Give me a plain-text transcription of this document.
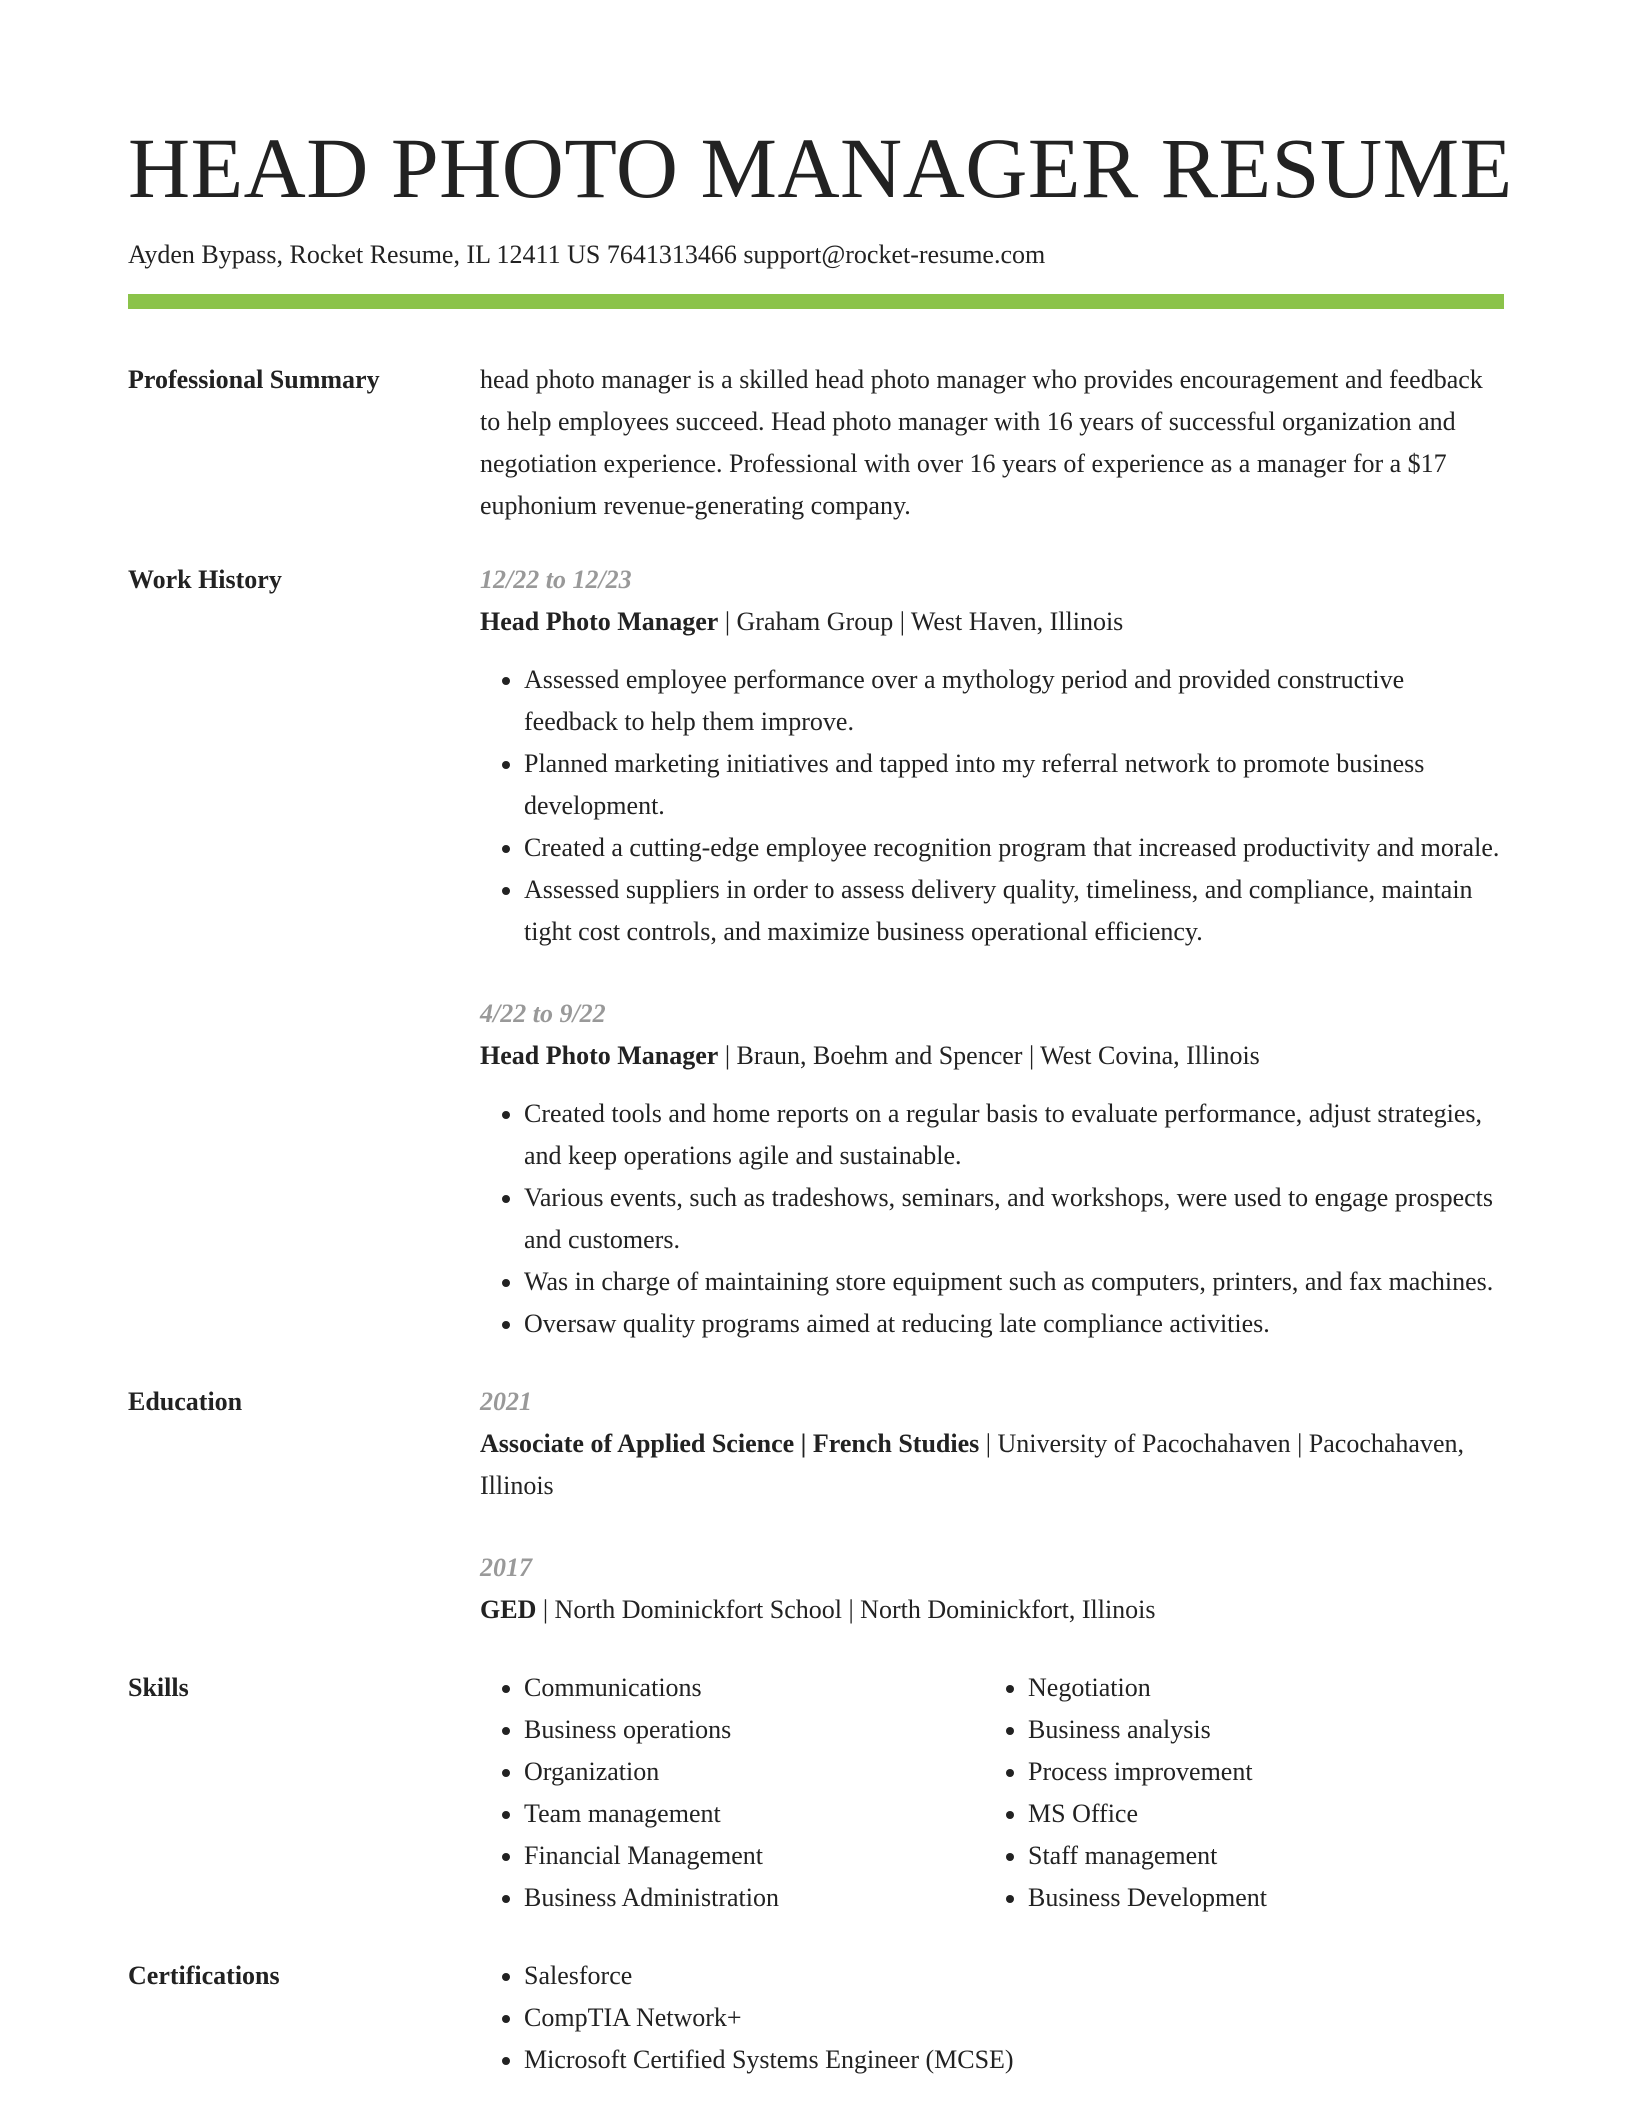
HEAD PHOTO MANAGER RESUME
Ayden Bypass, Rocket Resume, IL 12411 US 7641313466 support@rocket-resume.com
Professional Summary	head photo manager is a skilled head photo manager who provides encouragement and feedback to help employees succeed. Head photo manager with 16 years of successful organization and negotiation experience. Professional with over 16 years of experience as a manager for a $17 euphonium revenue-generating company.
Work History	12/22 to 12/23
Head Photo Manager | Graham Group | West Haven, Illinois
• Assessed employee performance over a mythology period and provided constructive feedback to help them improve.
• Planned marketing initiatives and tapped into my referral network to promote business development.
• Created a cutting-edge employee recognition program that increased productivity and morale.
• Assessed suppliers in order to assess delivery quality, timeliness, and compliance, maintain tight cost controls, and maximize business operational efficiency.
4/22 to 9/22
Head Photo Manager | Braun, Boehm and Spencer | West Covina, Illinois
• Created tools and home reports on a regular basis to evaluate performance, adjust strategies, and keep operations agile and sustainable.
• Various events, such as tradeshows, seminars, and workshops, were used to engage prospects and customers.
• Was in charge of maintaining store equipment such as computers, printers, and fax machines.
• Oversaw quality programs aimed at reducing late compliance activities.
Education	2021
Associate of Applied Science | French Studies | University of Pacochahaven | Pacochahaven, Illinois
2017
GED | North Dominickfort School | North Dominickfort, Illinois
Skills	• Communications
• Business operations
• Organization
• Team management
• Financial Management
• Business Administration
• Negotiation
• Business analysis
• Process improvement
• MS Office
• Staff management
• Business Development
Certifications	• Salesforce
• CompTIA Network+
• Microsoft Certified Systems Engineer (MCSE)
